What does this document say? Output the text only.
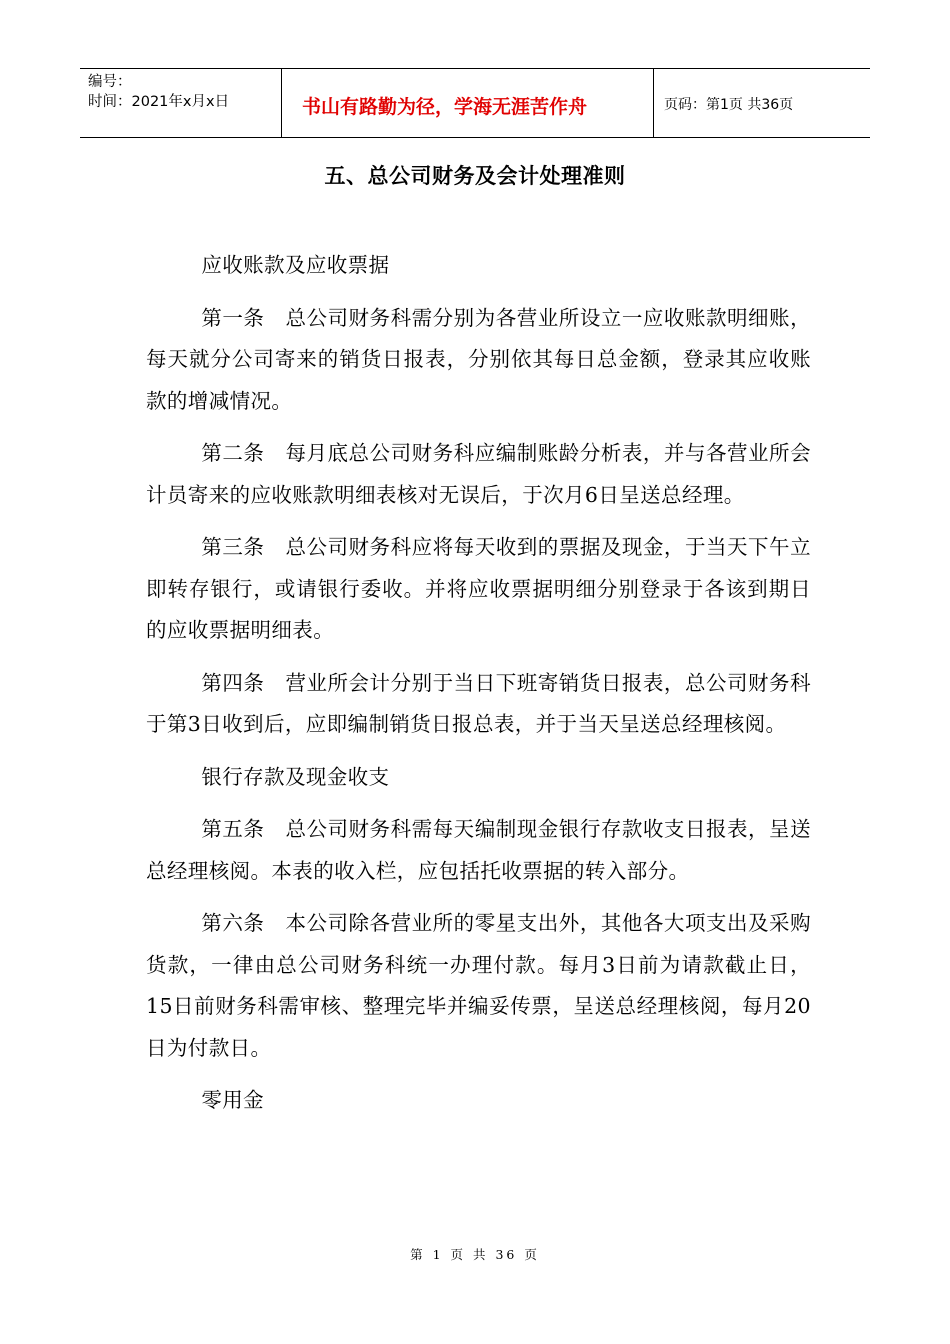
编号：
时间：2021年x月x日	书山有路勤为径，学海无涯苦作舟	页码：第1页 共36页
五、总公司财务及会计处理准则

应收账款及应收票据

第一条　总公司财务科需分别为各营业所设立一应收账款明细账，每天就分公司寄来的销货日报表，分别依其每日总金额，登录其应收账款的增减情况。

第二条　每月底总公司财务科应编制账龄分析表，并与各营业所会计员寄来的应收账款明细表核对无误后，于次月6日呈送总经理。

第三条　总公司财务科应将每天收到的票据及现金，于当天下午立即转存银行，或请银行委收。并将应收票据明细分别登录于各该到期日的应收票据明细表。

第四条　营业所会计分别于当日下班寄销货日报表，总公司财务科于第3日收到后，应即编制销货日报总表，并于当天呈送总经理核阅。

银行存款及现金收支

第五条　总公司财务科需每天编制现金银行存款收支日报表，呈送总经理核阅。本表的收入栏，应包括托收票据的转入部分。

第六条　本公司除各营业所的零星支出外，其他各大项支出及采购货款，一律由总公司财务科统一办理付款。每月3日前为请款截止日，15日前财务科需审核、整理完毕并编妥传票，呈送总经理核阅，每月20日为付款日。

零用金

第 1 页 共 36 页
